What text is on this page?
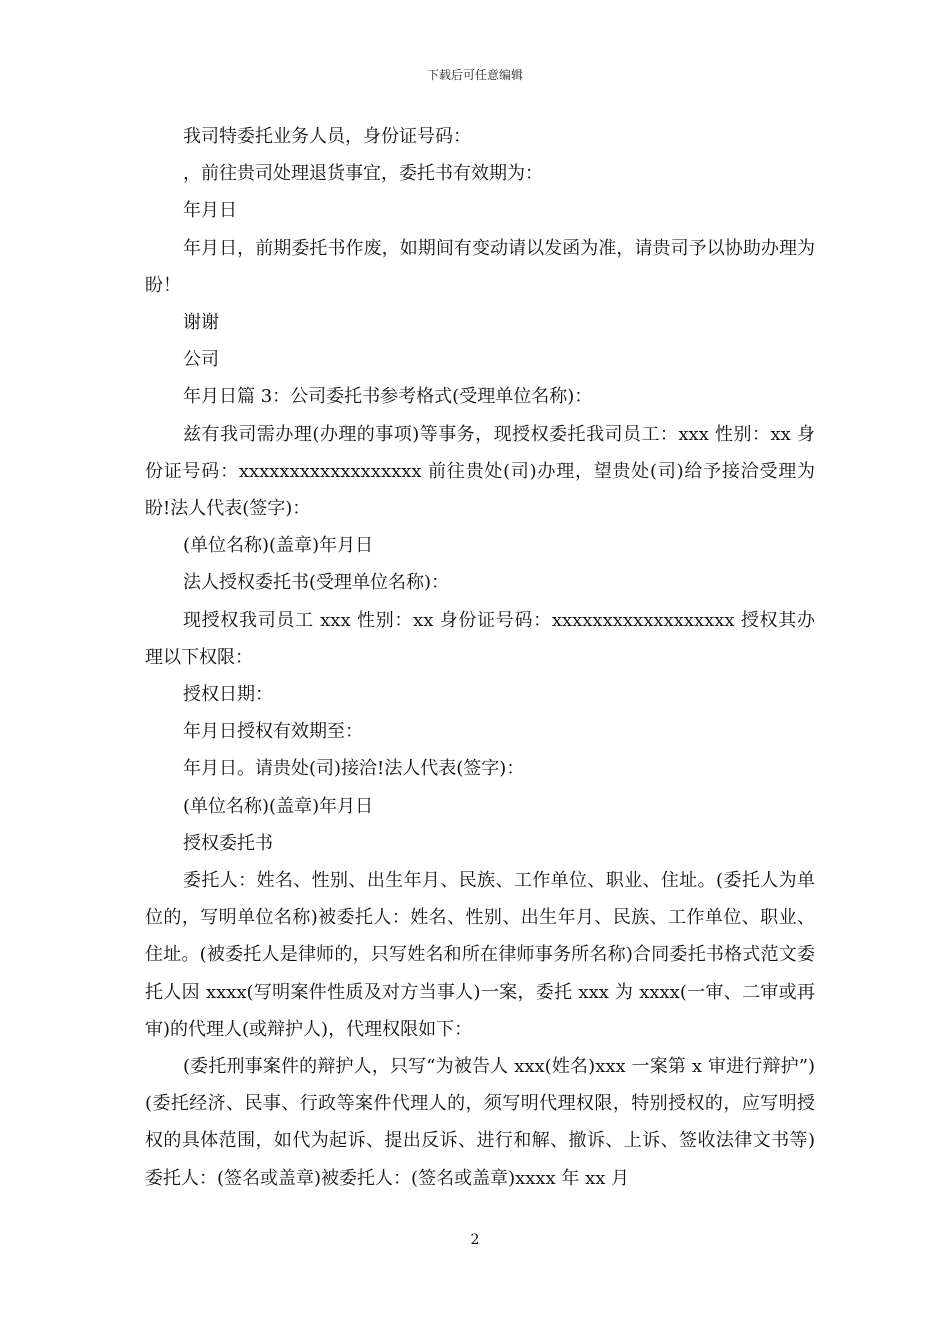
下载后可任意编辑

我司特委托业务人员，身份证号码：

，前往贵司处理退货事宜，委托书有效期为：

年月日

年月日，前期委托书作废，如期间有变动请以发函为准，请贵司予以协助办理为盼！

谢谢

公司

年月日篇 3：公司委托书参考格式(受理单位名称)：

兹有我司需办理(办理的事项)等事务，现授权委托我司员工：xxx 性别：xx 身份证号码：xxxxxxxxxxxxxxxxxx 前往贵处(司)办理，望贵处(司)给予接洽受理为盼!法人代表(签字)：

(单位名称)(盖章)年月日

法人授权委托书(受理单位名称)：

现授权我司员工 xxx 性别：xx 身份证号码：xxxxxxxxxxxxxxxxxx 授权其办理以下权限：

授权日期：

年月日授权有效期至：

年月日。请贵处(司)接洽!法人代表(签字)：

(单位名称)(盖章)年月日

授权委托书

委托人：姓名、性别、出生年月、民族、工作单位、职业、住址。(委托人为单位的，写明单位名称)被委托人：姓名、性别、出生年月、民族、工作单位、职业、住址。(被委托人是律师的，只写姓名和所在律师事务所名称)合同委托书格式范文委托人因 xxxx(写明案件性质及对方当事人)一案，委托 xxx 为 xxxx(一审、二审或再审)的代理人(或辩护人)，代理权限如下：

(委托刑事案件的辩护人，只写“为被告人 xxx(姓名)xxx 一案第 x 审进行辩护”)(委托经济、民事、行政等案件代理人的，须写明代理权限，特别授权的，应写明授权的具体范围，如代为起诉、提出反诉、进行和解、撤诉、上诉、签收法律文书等)委托人：(签名或盖章)被委托人：(签名或盖章)xxxx 年 xx 月

2
